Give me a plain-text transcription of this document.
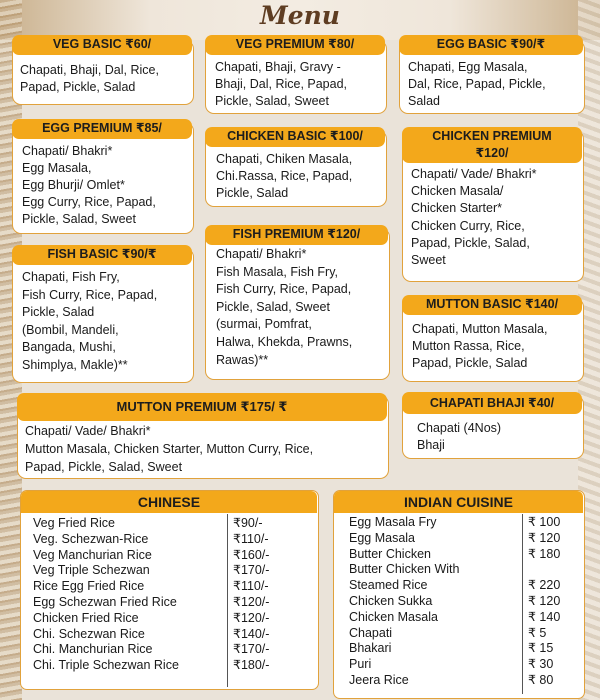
Menu
VEG BASIC ₹60/
Chapati, Bhaji, Dal, Rice,
Papad, Pickle, Salad
VEG PREMIUM ₹80/
Chapati, Bhaji, Gravy -
Bhaji, Dal, Rice, Papad,
Pickle, Salad, Sweet
EGG BASIC ₹90/₹
Chapati, Egg Masala,
Dal, Rice, Papad, Pickle,
Salad
EGG PREMIUM ₹85/
Chapati/ Bhakri*
Egg Masala,
Egg Bhurji/ Omlet*
Egg Curry, Rice, Papad,
Pickle, Salad, Sweet
CHICKEN BASIC ₹100/
Chapati, Chiken Masala,
Chi.Rassa, Rice, Papad,
Pickle, Salad
CHICKEN PREMIUM
₹120/
Chapati/ Vade/ Bhakri*
Chicken Masala/
Chicken Starter*
Chicken Curry, Rice,
Papad, Pickle, Salad,
Sweet
FISH BASIC ₹90/₹
Chapati, Fish Fry,
Fish Curry, Rice, Papad,
Pickle, Salad
(Bombil, Mandeli,
Bangada, Mushi,
Shimplya, Makle)**
FISH PREMIUM ₹120/
Chapati/ Bhakri*
Fish Masala, Fish Fry,
Fish Curry, Rice, Papad,
Pickle, Salad, Sweet
(surmai, Pomfrat,
Halwa, Khekda, Prawns,
Rawas)**
MUTTON BASIC ₹140/
Chapati, Mutton Masala,
Mutton Rassa, Rice,
Papad, Pickle, Salad
MUTTON PREMIUM ₹175/ ₹
Chapati/ Vade/ Bhakri*
Mutton Masala, Chicken Starter, Mutton Curry, Rice,
Papad, Pickle, Salad, Sweet
CHAPATI BHAJI ₹40/
Chapati (4Nos)
Bhaji
CHINESE
Veg Fried Rice	₹90/-
Veg. Schezwan-Rice	₹110/-
Veg Manchurian Rice	₹160/-
Veg Triple Schezwan	₹170/-
Rice Egg Fried Rice	₹110/-
Egg Schezwan Fried Rice	₹120/-
Chicken Fried Rice	₹120/-
Chi. Schezwan Rice	₹140/-
Chi. Manchurian Rice	₹170/-
Chi. Triple Schezwan Rice	₹180/-
INDIAN CUISINE
Egg Masala Fry	₹ 100
Egg Masala	₹ 120
Butter Chicken	₹ 180
Butter Chicken With
Steamed Rice	₹ 220
Chicken Sukka	₹ 120
Chicken Masala	₹ 140
Chapati	₹ 5
Bhakari	₹ 15
Puri	₹ 30
Jeera Rice	₹ 80
